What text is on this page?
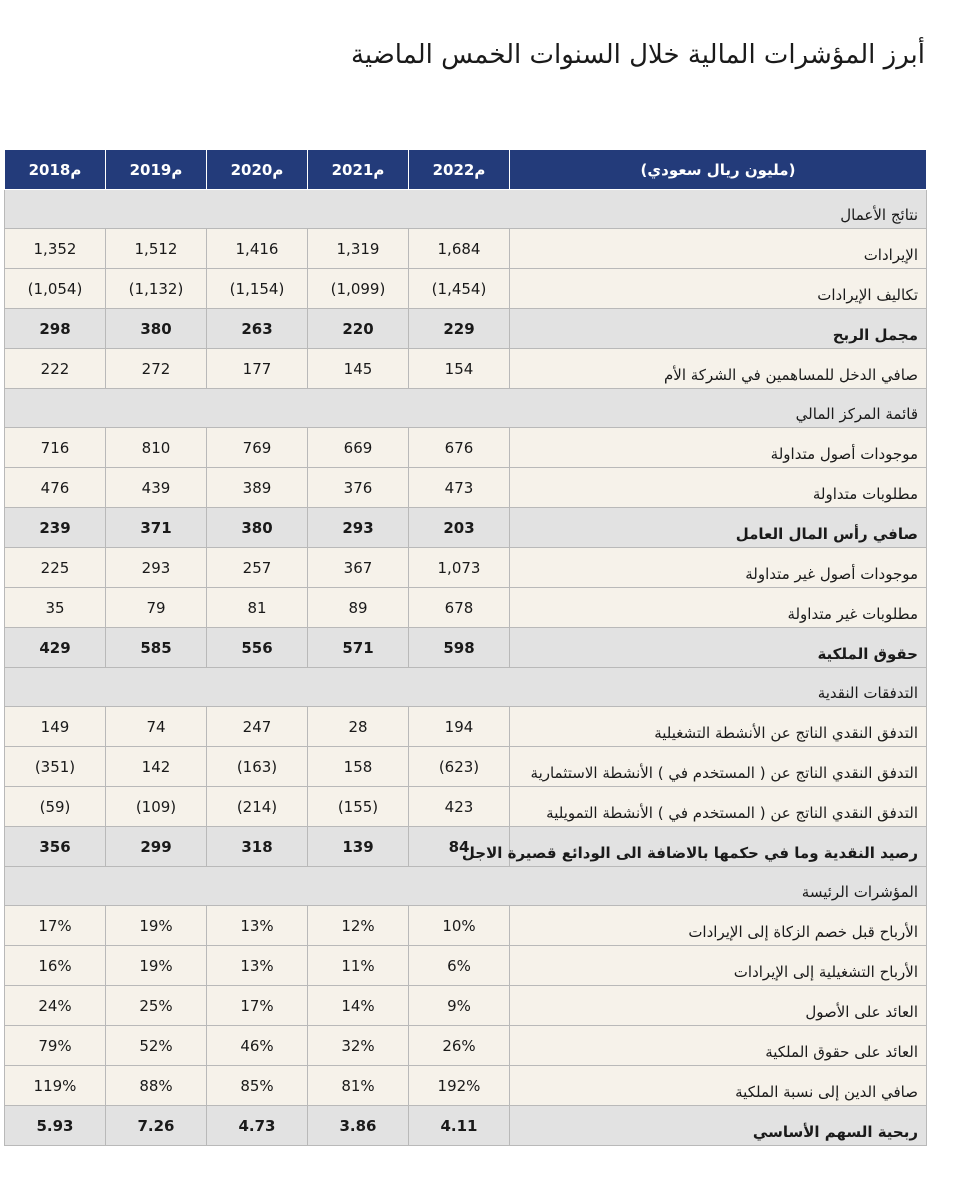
أبرز المؤشرات المالية خلال السنوات الخمس الماضية
2018م	2019م	2020م	2021م	2022م	(مليون ريال سعودي)
نتائج الأعمال					
1,352	1,512	1,416	1,319	1,684	الإيرادات
(1,054)	(1,132)	(1,154)	(1,099)	(1,454)	تكاليف الإيرادات
298	380	263	220	229	مجمل الربح
222	272	177	145	154	صافي الدخل للمساهمين في الشركة الأم
قائمة المركز المالي					
716	810	769	669	676	موجودات أصول متداولة
476	439	389	376	473	مطلوبات متداولة
239	371	380	293	203	صافي رأس المال العامل
225	293	257	367	1,073	موجودات أصول غير متداولة
35	79	81	89	678	مطلوبات غير متداولة
429	585	556	571	598	حقوق الملكية
التدفقات النقدية					
149	74	247	28	194	التدفق النقدي الناتج عن الأنشطة التشغيلية
(351)	142	(163)	158	(623)	التدفق النقدي الناتج عن ( المستخدم في ) الأنشطة الاستثمارية
(59)	(109)	(214)	(155)	423	التدفق النقدي الناتج عن ( المستخدم في ) الأنشطة التمويلية
356	299	318	139	84	رصيد النقدية وما في حكمها بالاضافة الى الودائع قصيرة الاجل
المؤشرات الرئيسة					
17%	19%	13%	12%	10%	الأرباح قبل خصم الزكاة إلى الإيرادات
16%	19%	13%	11%	6%	الأرباح التشغيلية إلى الإيرادات
24%	25%	17%	14%	9%	العائد على الأصول
79%	52%	46%	32%	26%	العائد على حقوق الملكية
119%	88%	85%	81%	192%	صافي الدين إلى نسبة الملكية
5.93	7.26	4.73	3.86	4.11	ربحية السهم الأساسي
